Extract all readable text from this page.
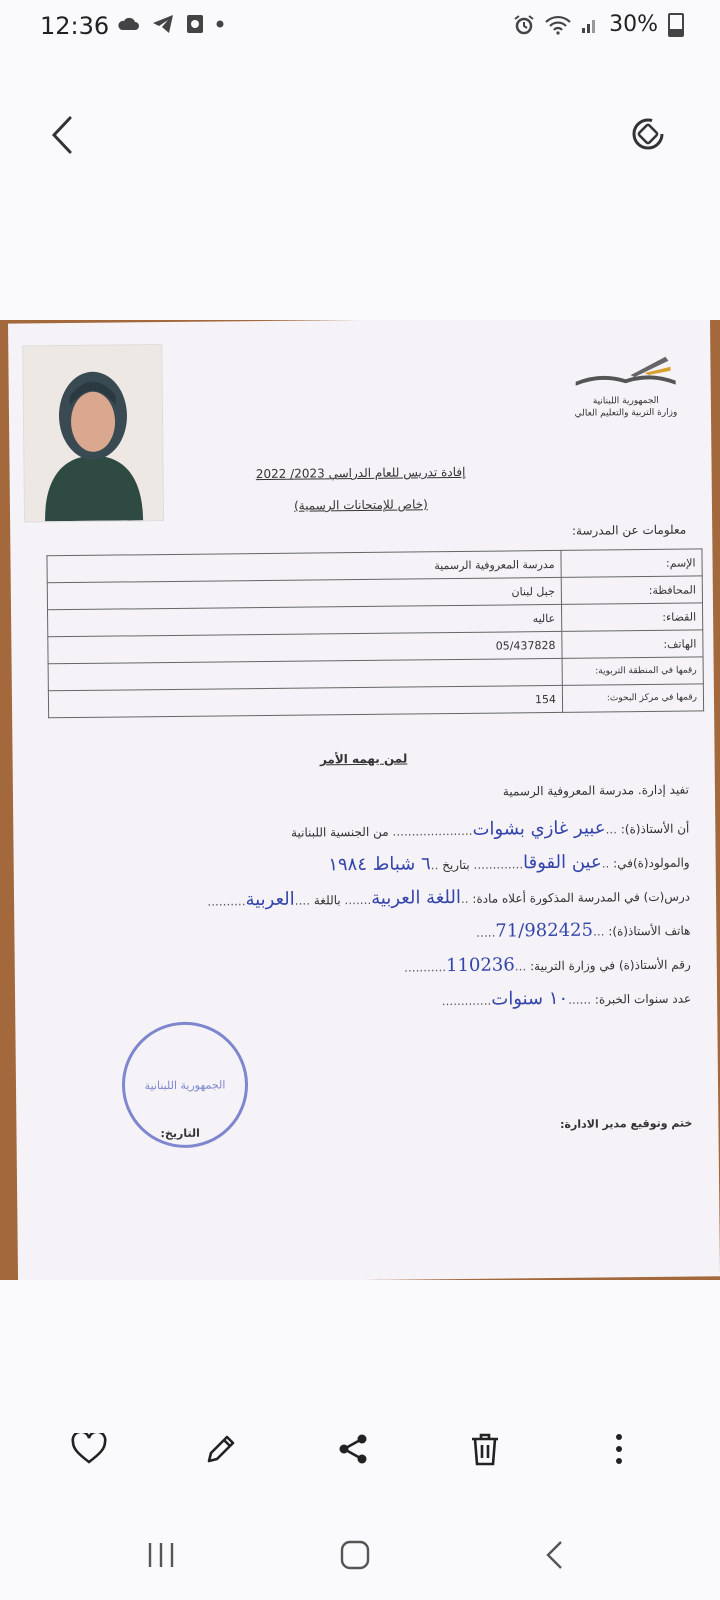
12:36	30%
الجمهورية اللبنانية
وزارة التربية والتعليم العالي
إفادة تدريس للعام الدراسي 2023/ 2022
(خاص للإمتحانات الرسمية)
معلومات عن المدرسة:
الإسم:	مدرسة المعروفية الرسمية
المحافظة:	جبل لبنان
القضاء:	عاليه
الهاتف:	05/437828
رقمها في المنطقة التربوية:	
رقمها في مركز البحوث:	154
لمن يهمه الأمر
تفيد إدارة. مدرسة المعروفية الرسمية
أن الأستاذ(ة): ...عبير غازي بشوات..................... من الجنسية اللبنانية
والمولود(ة)في: ..عين القوقا............. بتاريخ ..٦ شباط ١٩٨٤
درس(ت) في المدرسة المذكورة أعلاه مادة: ..اللغة العربية....... باللغة ....العربية..........
هاتف الأستاذ(ة): ...71/982425.....
رقم الأستاذ(ة) في وزارة التربية: ...110236...........
عدد سنوات الخبرة: ......١٠ سنوات.............
الجمهورية اللبنانية
التاريخ:
ختم وتوقيع مدير الادارة:
